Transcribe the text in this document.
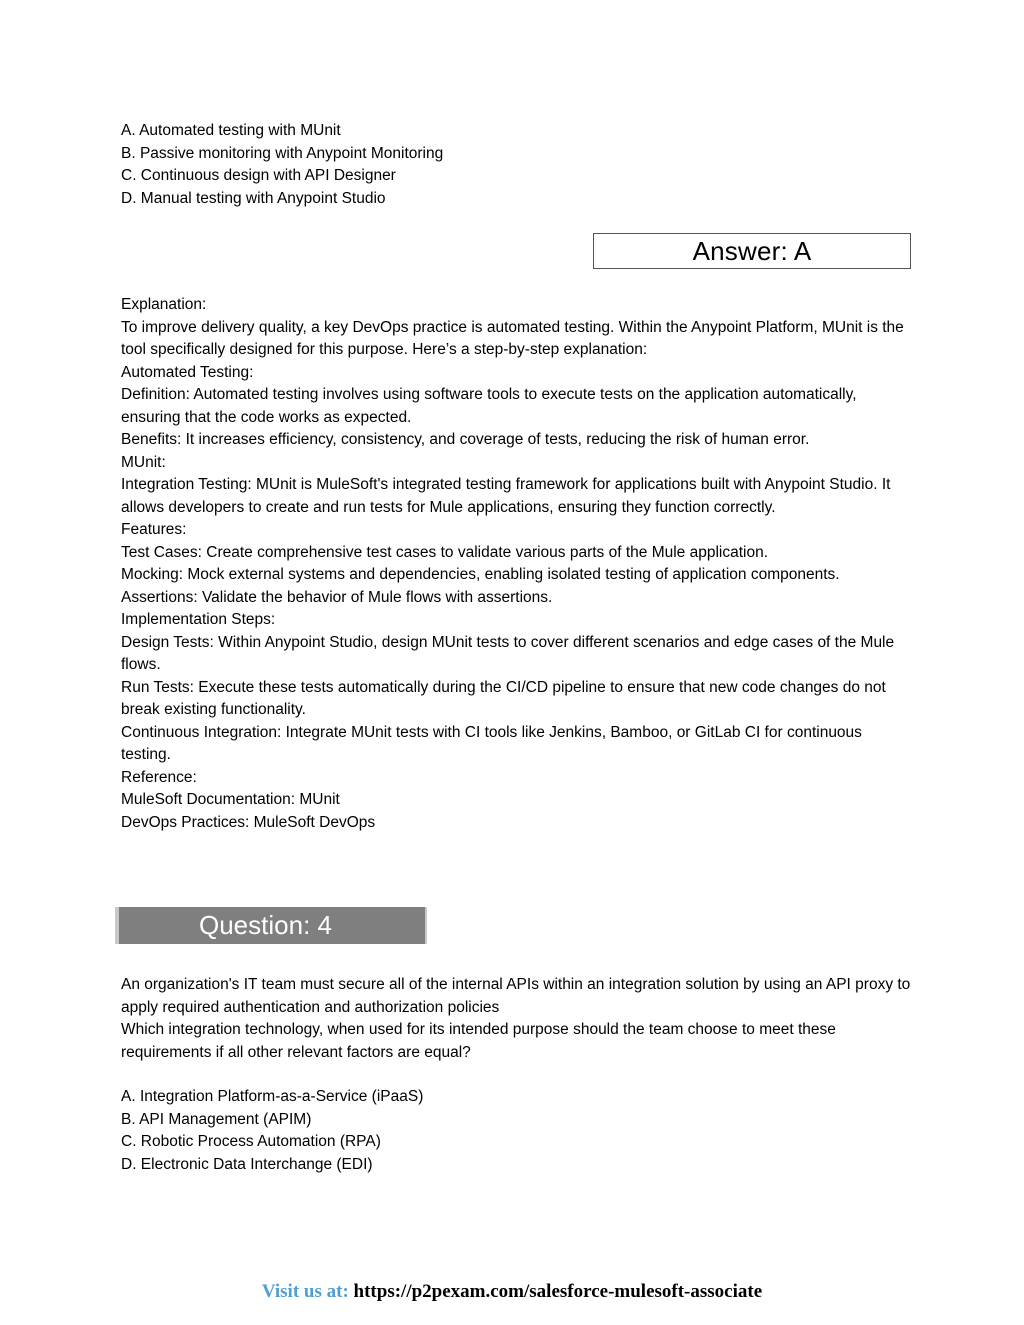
A. Automated testing with MUnit

B. Passive monitoring with Anypoint Monitoring

C. Continuous design with API Designer

D. Manual testing with Anypoint Studio

Answer: A

Explanation:

To improve delivery quality, a key DevOps practice is automated testing. Within the Anypoint Platform, MUnit is the tool specifically designed for this purpose. Here’s a step-by-step explanation:

Automated Testing:

Definition: Automated testing involves using software tools to execute tests on the application automatically, ensuring that the code works as expected.

Benefits: It increases efficiency, consistency, and coverage of tests, reducing the risk of human error.

MUnit:

Integration Testing: MUnit is MuleSoft's integrated testing framework for applications built with Anypoint Studio. It allows developers to create and run tests for Mule applications, ensuring they function correctly.

Features:

Test Cases: Create comprehensive test cases to validate various parts of the Mule application.

Mocking: Mock external systems and dependencies, enabling isolated testing of application components.

Assertions: Validate the behavior of Mule flows with assertions.

Implementation Steps:

Design Tests: Within Anypoint Studio, design MUnit tests to cover different scenarios and edge cases of the Mule flows.

Run Tests: Execute these tests automatically during the CI/CD pipeline to ensure that new code changes do not break existing functionality.

Continuous Integration: Integrate MUnit tests with CI tools like Jenkins, Bamboo, or GitLab CI for continuous testing.

Reference:

MuleSoft Documentation: MUnit

DevOps Practices: MuleSoft DevOps

Question: 4

An organization's IT team must secure all of the internal APIs within an integration solution by using an API proxy to apply required authentication and authorization policies

Which integration technology, when used for its intended purpose should the team choose to meet these requirements if all other relevant factors are equal?

A. Integration Platform-as-a-Service (iPaaS)

B. API Management (APIM)

C. Robotic Process Automation (RPA)

D. Electronic Data Interchange (EDI)

Visit us at: https://p2pexam.com/salesforce-mulesoft-associate
